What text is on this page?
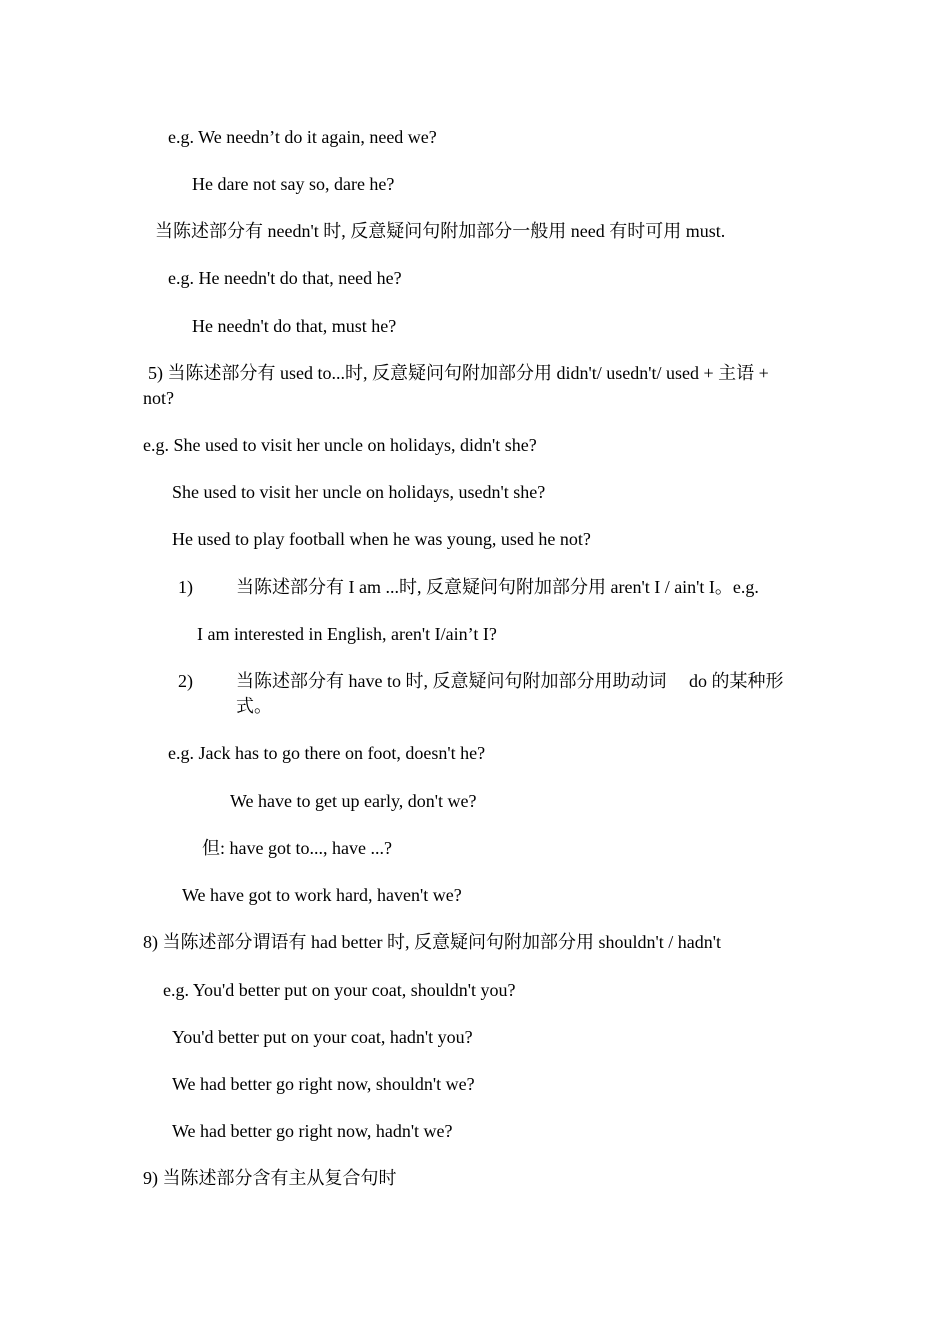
e.g. We needn’t do it again, need we?
He dare not say so, dare he?
当陈述部分有 needn't 时, 反意疑问句附加部分一般用 need 有时可用 must.
e.g. He needn't do that, need he?
He needn't do that, must he?
5) 当陈述部分有 used to...时, 反意疑问句附加部分用 didn't/ usedn't/ used + 主语 + not?
e.g. She used to visit her uncle on holidays, didn't she?
She used to visit her uncle on holidays, usedn't she?
He used to play football when he was young, used he not?
1) 当陈述部分有 I am ...时, 反意疑问句附加部分用 aren't I / ain't I。e.g.
I am interested in English, aren't I/ain’t I?
2) 当陈述部分有 have to 时, 反意疑问句附加部分用助动词　 do 的某种形式。
e.g. Jack has to go there on foot, doesn't he?
We have to get up early, don't we?
但: have got to..., have ...?
We have got to work hard, haven't we?
8) 当陈述部分谓语有 had better 时, 反意疑问句附加部分用 shouldn't / hadn't
e.g. You'd better put on your coat, shouldn't you?
You'd better put on your coat, hadn't you?
We had better go right now, shouldn't we?
We had better go right now, hadn't we?
9) 当陈述部分含有主从复合句时
